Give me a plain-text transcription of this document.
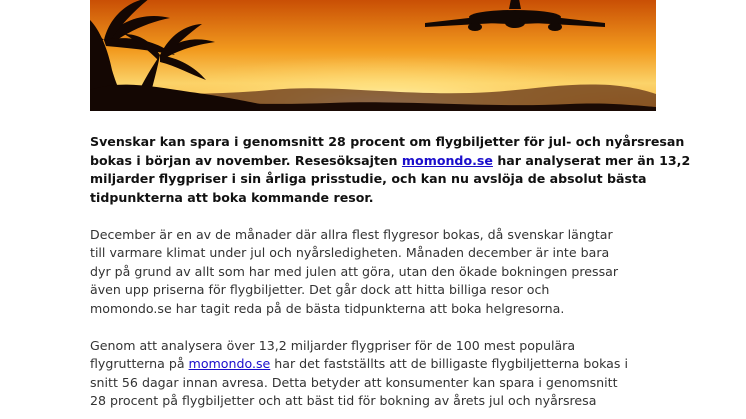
Svenskar kan spara i genomsnitt 28 procent om flygbiljetter för jul- och nyårsresan
bokas i början av november. Resesöksajten momondo.se har analyserat mer än 13,2
miljarder flygpriser i sin årliga prisstudie, och kan nu avslöja de absolut bästa
tidpunkterna att boka kommande resor.
December är en av de månader där allra flest flygresor bokas, då svenskar längtar
till varmare klimat under jul och nyårsledigheten. Månaden december är inte bara
dyr på grund av allt som har med julen att göra, utan den ökade bokningen pressar
även upp priserna för flygbiljetter. Det går dock att hitta billiga resor och
momondo.se har tagit reda på de bästa tidpunkterna att boka helgresorna.
Genom att analysera över 13,2 miljarder flygpriser för de 100 mest populära
flygrutterna på momondo.se har det fastställts att de billigaste flygbiljetterna bokas i
snitt 56 dagar innan avresa. Detta betyder att konsumenter kan spara i genomsnitt
28 procent på flygbiljetter och att bäst tid för bokning av årets jul och nyårsresa
